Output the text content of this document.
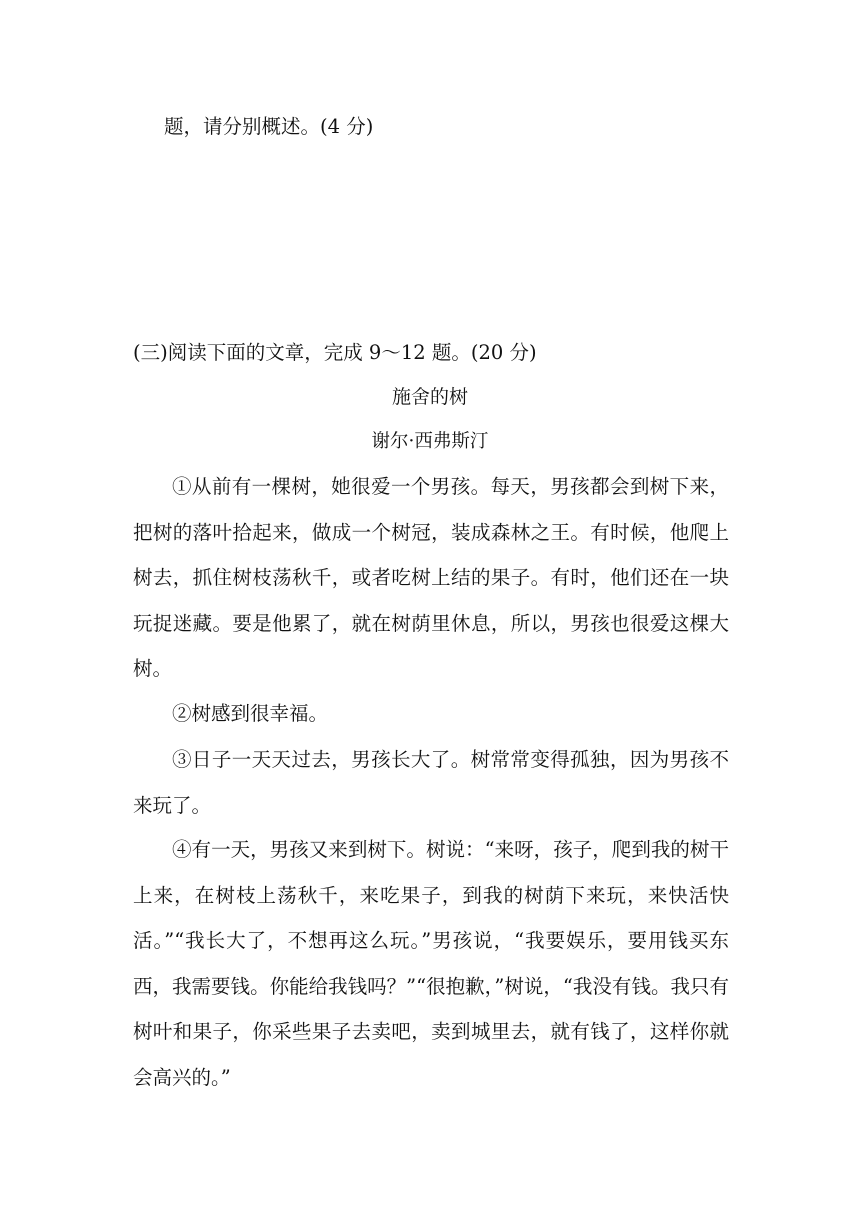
题，请分别概述。(4 分)
(三)阅读下面的文章，完成 9～12 题。(20 分)
施舍的树
谢尔·西弗斯汀

①从前有一棵树，她很爱一个男孩。每天，男孩都会到树下来，把树的落叶拾起来，做成一个树冠，装成森林之王。有时候，他爬上树去，抓住树枝荡秋千，或者吃树上结的果子。有时，他们还在一块玩捉迷藏。要是他累了，就在树荫里休息，所以，男孩也很爱这棵大树。

②树感到很幸福。

③日子一天天过去，男孩长大了。树常常变得孤独，因为男孩不来玩了。

④有一天，男孩又来到树下。树说：“来呀，孩子，爬到我的树干上来，在树枝上荡秋千，来吃果子，到我的树荫下来玩，来快活快活。”“我长大了，不想再这么玩。”男孩说，“我要娱乐，要用钱买东西，我需要钱。你能给我钱吗？”“很抱歉，”树说，“我没有钱。我只有树叶和果子，你采些果子去卖吧，卖到城里去，就有钱了，这样你就会高兴的。”
